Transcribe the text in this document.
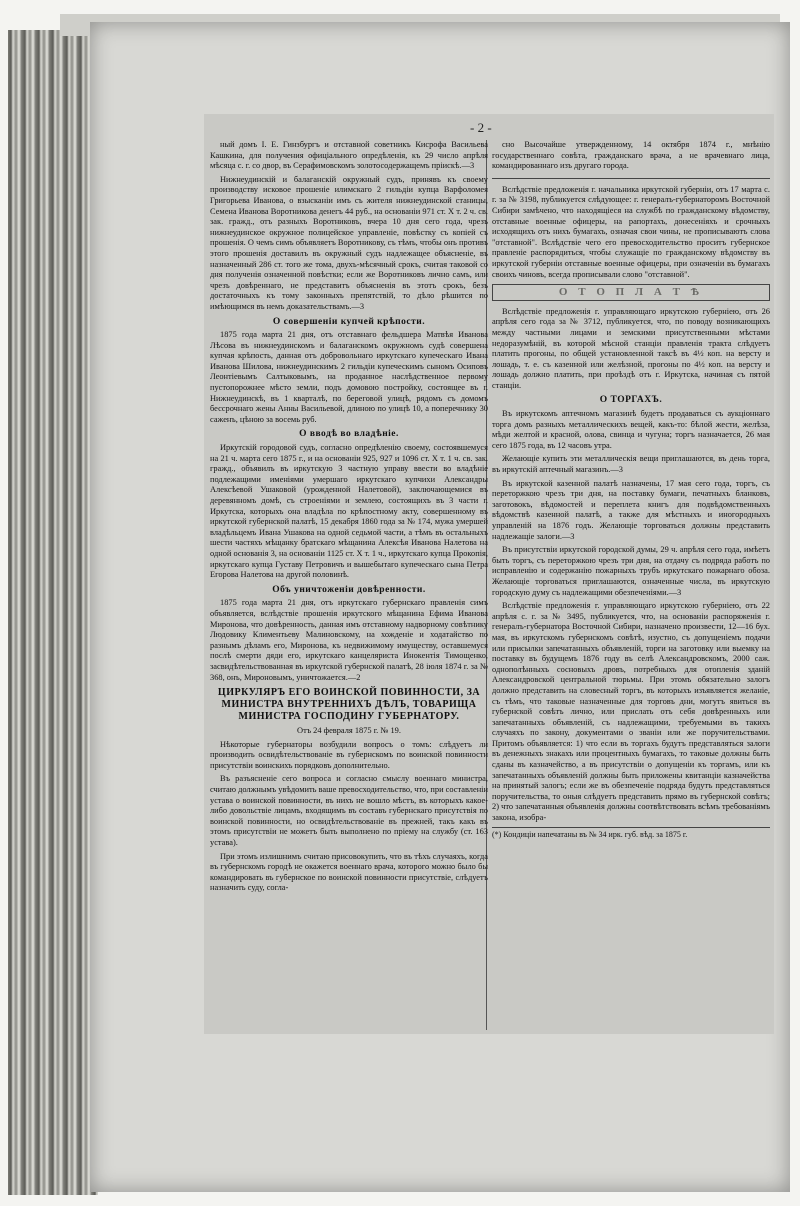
- 2 -

ный домъ I. Е. Гинзбургъ и отставной советникъ Кисрофа Васильева Кашкина, для получения офиціального опредѣленія, къ 29 число апрѣля мѣсяца с. г. со двор, въ Серафимовскомъ золотосодержащемъ пріискѣ.—3

Нижнеудинскій и балаганскій окружный судъ, принявъ къ своему производству исковое прошеніе илимскаго 2 гильдіи купца Варфоломея Григорьева Иванова, о взысканіи имъ съ жителя нижнеудинской станицы, Семена Иванова Воротникова денегъ 44 руб., на основаніи 971 ст. X т. 2 ч. св. зак. гражд., отъ разныхъ Воротниковъ, вчера 10 дня сего года, чрезъ нижнеудинское окружное полицейское управленіе, повѣстку съ копіей съ прошенія. О чемъ симъ объявляетъ Воротникову, съ тѣмъ, чтобы онъ противъ этого прошенія доставилъ въ окружный судъ надлежащее объясненіе, въ назначенный 286 ст. того же тома, двухъ-мѣсячный срокъ, считая таковой со дня полученія означенной повѣстки; если же Воротниковъ лично самъ, или чрезъ довѣреннаго, не представитъ объясненія въ этотъ срокъ, безъ достаточныхъ къ тому законныхъ препятствій, то дѣло рѣшится по имѣющимся въ немъ доказательствамъ.—3

О совершеніи купчей крѣпости.

1875 года марта 21 дня, отъ отставнаго фельдшера Матвѣя Иванова Лѣсова въ нижнеудинскомъ и балаганскомъ окружномъ судѣ совершена купчая крѣпость, данная отъ добровольнаго иркутскаго купеческаго Ивана Иванова Шилова, нижнеудинскимъ 2 гильдіи купеческимъ сыномъ Осиповъ Леонтіевымъ Салтыковымъ, на проданное наслѣдственное первому пустопорожнее мѣсто земли, подъ домовою постройку, состоящее въ г. Нижнеудинскѣ, въ 1 кварталѣ, по береговой улицѣ, рядомъ съ домомъ бессрочнаго жены Анны Васильевой, длиною по улицѣ 10, а поперечнику 30 саженъ, цѣною за восемь руб.

О вводѣ во владѣніе.

Иркутскій городовой судъ, согласно опредѣленію своему, состоявшемуся на 21 ч. марта сего 1875 г., и на основаніи 925, 927 и 1096 ст. X т. 1 ч. св. зак. гражд., объявилъ въ иркутскую 3 частную управу ввести во владѣніе подлежащими именіями умершаго иркутскаго купчихи Александры Алексѣевой Ушаковой (урожденной Налетовой), заключающемися въ деревянномъ домѣ, съ строеніями и землею, состоящихъ въ 3 части г. Иркутска, которыхъ она владѣла по крѣпостному акту, совершенному въ иркутской губернской палатѣ, 15 декабря 1860 года за № 174, мужа умершей владѣльцемъ Ивана Ушакова на одной седьмой части, а тѣмъ въ остальныхъ шести частяхъ мѣщанку братскаго мѣщанина Алексѣя Иванова Налетова на одной основанія 3, на основаніи 1125 ст. X т. 1 ч., иркутскаго купца Прокопія, иркутскаго купца Густаву Петровичъ и вышебытаго купеческаго сына Петра Егорова Налетова на другой половинѣ.

Объ уничтоженіи довѣренности.

1875 года марта 21 дня, отъ иркутскаго губернскаго правленія симъ объявляется, вслѣдствіе прошенія иркутского мѣщанина Ефима Иванова Миронова, что довѣренность, данная имъ отставному надворному совѣтнику Людовику Климентьеву Малиновскому, на хожденіе и ходатайство по разнымъ дѣламъ его, Миронова, къ недвижимому имуществу, оставшемуся послѣ смерти дяди его, иркутскаго канцеляриста Инокентія Тимощенко, засвидѣтельствованная въ иркутской губернской палатѣ, 28 іюля 1874 г. за № 368, онъ, Мироновымъ, уничтожается.—2

ЦИРКУЛЯРЪ ЕГО ВОИНСКОЙ ПОВИННОСТИ, ЗА МИНИСТРА ВНУТРЕННИХЪ ДѢЛЪ, ТОВАРИЩА МИНИСТРА ГОСПОДИНУ ГУБЕРНАТОРУ.
Отъ 24 февраля 1875 г. № 19.

Нѣкоторые губернаторы возбудили вопросъ о томъ: слѣдуетъ ли производить освидѣтельствованіе въ губернскомъ по воинской повинности присутствіи воинскихъ порядковъ дополнительно.

Въ разъясненіе сего вопроса и согласно смыслу военнаго министра, считаю должнымъ увѣдомить ваше превосходительство, что, при составленіи устава о воинской повинности, въ нихъ не вошло мѣстъ, въ которыхъ какое-либо довольствіе лицамъ, входящимъ въ составъ губернскаго присутствія по воинской повинности, но освидѣтельствованіе въ прежней, такъ какъ въ этомъ присутствіи не можетъ быть выполнено по пріему на службу (ст. 163 устава).

При этомъ излишнимъ считаю присовокупить, что въ тѣхъ случаяхъ, когда въ губернскомъ городѣ не окажется военнаго врача, которого можно было бы командировать въ губернское по воинской повинности присутствіе, слѣдуетъ назначить суду, согла-

сно Высочайше утвержденному, 14 октября 1874 г., мнѣнію государственнаго совѣта, гражданскаго врача, а не врачевнаго лица, командированнаго изъ другаго города.

Вслѣдствіе предложенія г. начальника иркутской губерніи, отъ 17 марта с. г. за № 3198, публикуется слѣдующее: г. генералъ-губернаторомъ Восточной Сибири замѣчено, что находящіеся на службѣ по гражданскому вѣдомству, отставные военные офицеры, на рапортахъ, донесеніяхъ и срочныхъ исходящихъ отъ нихъ бумагахъ, означая свои чины, не прописываютъ слова "отставной". Вслѣдствіе чего его превосходительство проситъ губернское правленіе распорядиться, чтобы служащіе по гражданскому вѣдомству въ иркутской губерніи отставные военные офицеры, при означеніи въ бумагахъ своихъ чиновъ, всегда прописывали слово "отставной".

О Т О П Л А Т Ѣ

Вслѣдствіе предложенія г. управляющаго иркутскою губерніею, отъ 26 апрѣля сего года за № 3712, публикуется, что, по поводу возникающихъ между частными лицами и земскими присутственными мѣстами недоразумѣній, въ которой мѣсной станціи правленія тракта слѣдуетъ платить прогоны, по общей установленной таксѣ въ 4½ коп. на версту и лошадь, т. е. съ казенной или желѣзной, прогоны по 4½ коп. на версту и лошадь должно платить, при проѣздѣ отъ г. Иркутска, начиная съ пятой станціи.

О ТОРГАХЪ.

Въ иркутскомъ аптечномъ магазинѣ будетъ продаваться съ аукціоннаго торга домъ разныхъ металлическихъ вещей, какъ-то: бѣлой жести, желѣза, мѣди желтой и красной, олова, свинца и чугуна; торгъ назначается, 26 мая сего 1875 года, въ 12 часовъ утра.

Желающіе купить эти металлическія вещи приглашаются, въ день торга, въ иркутскій аптечный магазинъ.—3

Въ иркутской казенной палатѣ назначены, 17 мая сего года, торгъ, съ переторжкою чрезъ три дня, на поставку бумаги, печатныхъ бланковъ, заготовокъ, вѣдомостей и переплета книгъ для подвѣдомственныхъ вѣдомствѣ казенной палатѣ, а также для мѣстныхъ и иногородныхъ управленій на 1876 годъ. Желающіе торговаться должны представить надлежащіе залоги.—3

Въ присутствіи иркутской городской думы, 29 ч. апрѣля сего года, имѣетъ быть торгъ, съ переторжкою чрезъ три дня, на отдачу съ подряда работъ по исправленію и содержанію пожарныхъ трубъ иркутскаго пожарнаго обоза. Желающіе торговаться приглашаются, означенные числа, въ иркутскую городскую думу съ надлежащими обезпеченіями.—3

Вслѣдствіе предложенія г. управляющаго иркутскою губерніею, отъ 22 апрѣля с. г. за № 3495, публикуется, что, на основаніи распоряженія г. генералъ-губернатора Восточной Сибири, назначено произвести, 12—16 бух. мая, въ иркутскомъ губернскомъ совѣтѣ, изустно, съ допущеніемъ подачи или присылки запечатанныхъ объявленій, торги на заготовку или выемку на поставку въ будущемъ 1876 году въ селѣ Александровскомъ, 2000 саж. однополѣнныхъ сосновыхъ дровъ, потребныхъ для отопленія зданій Александровской центральной тюрьмы. При этомъ обязательно залогъ должно представить на словесный торгъ, въ которыхъ изъявляется желаніе, съ тѣмъ, что таковые назначенные для торговъ дни, могутъ явиться въ губернской совѣтъ лично, или прислать отъ себя довѣренныхъ или запечатанныхъ объявленій, съ надлежащими, требуемыми въ такихъ случаяхъ по закону, документами о званіи или же поручительствами. Притомъ объявляется: 1) что если въ торгахъ будутъ представляться залоги въ денежныхъ знакахъ или процентныхъ бумагахъ, то таковые должны быть сданы въ казначейство, а въ присутствіи о допущеніи къ торгамъ, или къ запечатанныхъ объявленій должны быть приложены квитанціи казначейства на принятый залогъ; если же въ обезпеченіе подряда будутъ представляться поручительства, то оныя слѣдуетъ представить прямо въ губернской совѣтъ; 2) что запечатанныя объявленія должны соотвѣтствовать всѣмъ требованіямъ закона, изобра-

(*) Кондиціи напечатаны въ № 34 ирк. губ. вѣд. за 1875 г.
